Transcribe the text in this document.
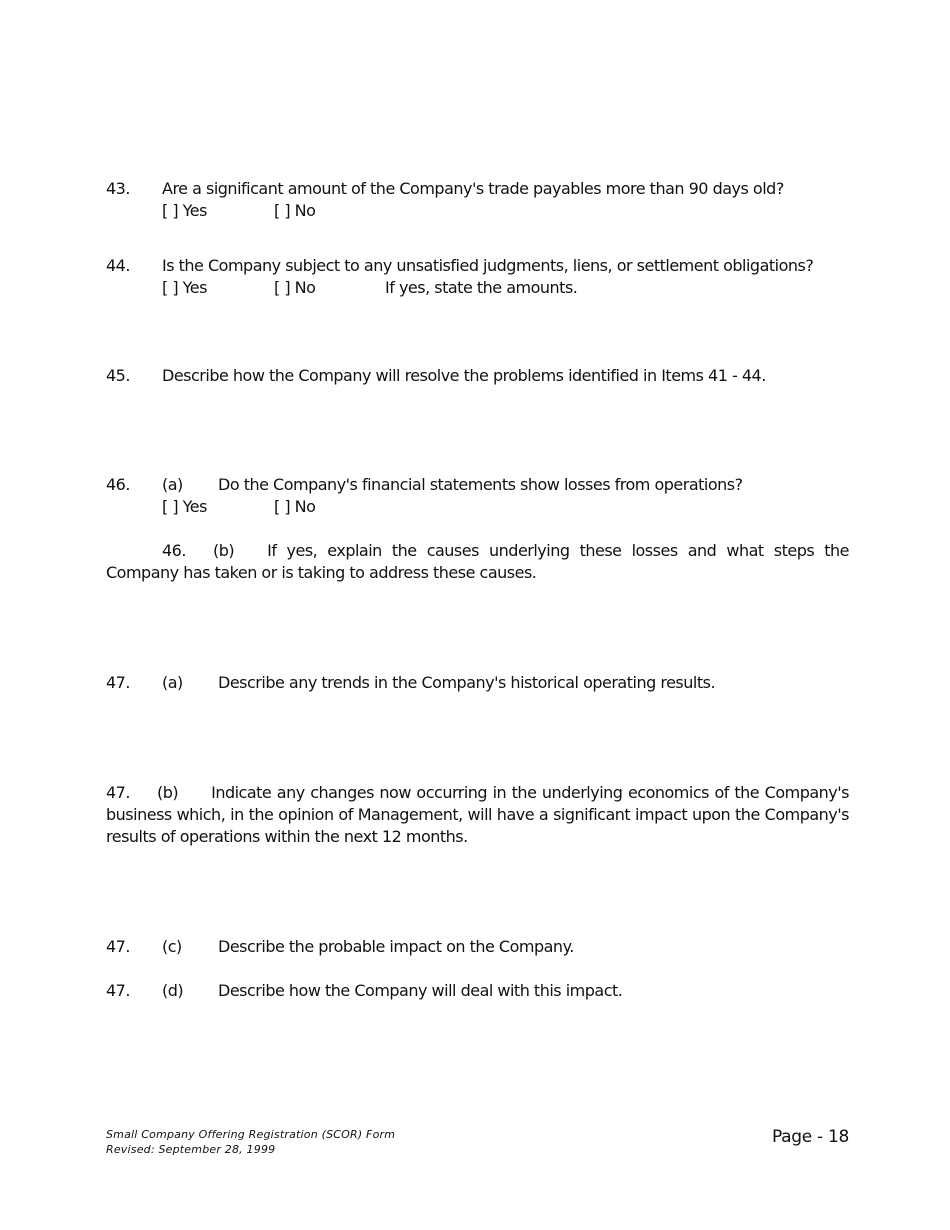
43. Are a significant amount of the Company's trade payables more than 90 days old?
[ ] Yes	[ ] No
44. Is the Company subject to any unsatisfied judgments, liens, or settlement obligations?
[ ] Yes	[ ] No	If yes, state the amounts.
45. Describe how the Company will resolve the problems identified in Items 41 - 44.
46. (a) Do the Company's financial statements show losses from operations?
[ ] Yes	[ ] No
46. (b) If yes, explain the causes underlying these losses and what steps the Company has taken or is taking to address these causes.
47. (a) Describe any trends in the Company's historical operating results.
47. (b) Indicate any changes now occurring in the underlying economics of the Company's business which, in the opinion of Management, will have a significant impact upon the Company's results of operations within the next 12 months.
47. (c) Describe the probable impact on the Company.
47. (d) Describe how the Company will deal with this impact.
Small Company Offering Registration (SCOR) Form
Revised: September 28, 1999
Page - 18
